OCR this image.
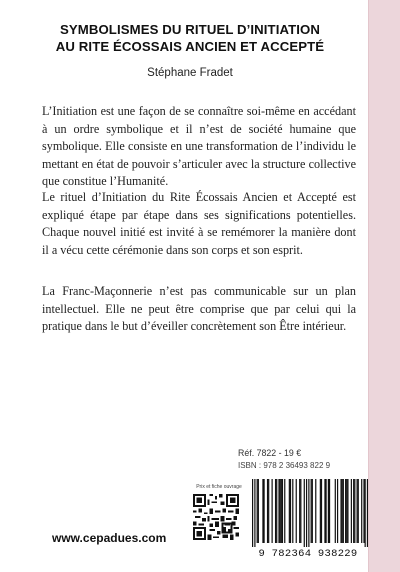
SYMBOLISMES DU RITUEL D’INITIATION
AU RITE ÉCOSSAIS ANCIEN ET ACCEPTÉ
Stéphane Fradet

L’Initiation est une façon de se connaître soi-même en accédant à un ordre symbolique et il n’est de société humaine que symbolique. Elle consiste en une transformation de l’individu le mettant en état de pouvoir s’articuler avec la structure collective que constitue l’Humanité.

Le rituel d’Initiation du Rite Écossais Ancien et Accepté est expliqué étape par étape dans ses significations potentielles. Chaque nouvel initié est invité à se remémorer la manière dont il a vécu cette cérémonie dans son corps et son esprit.

La Franc-Maçonnerie n’est pas communicable sur un plan intellectuel. Elle ne peut être comprise que par celui qui la pratique dans le but d’éveiller concrètement son Être intérieur.

Réf. 7822 - 19 €
ISBN : 978 2 36493 822 9
Prix et fiche ouvrage
9 782364 938229
www.cepadues.com
